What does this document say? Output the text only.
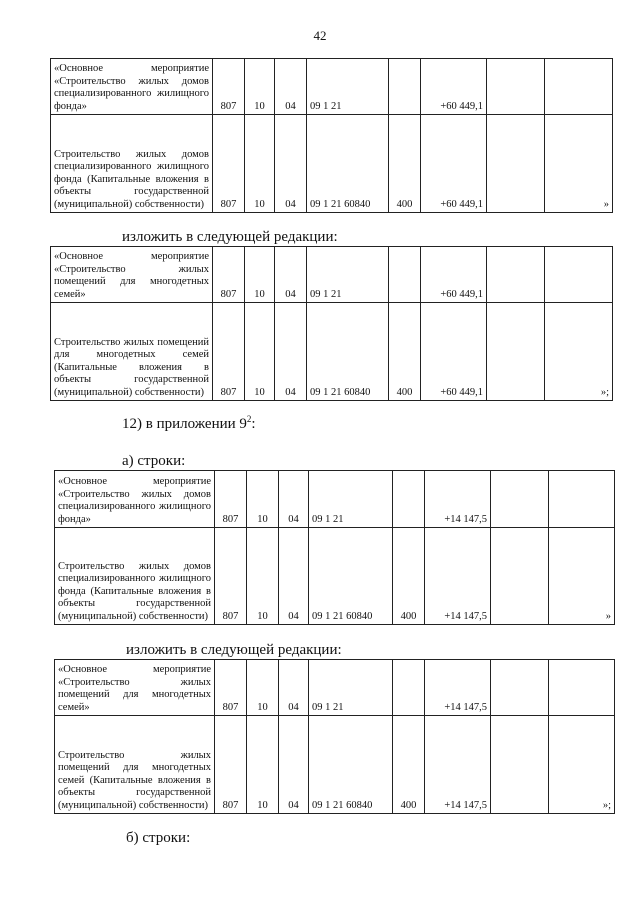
42
«Основное мероприятие «Строительство жилых домов специализированного жилищного фонда»	807	10	04	09 1 21		+60 449,1		
Строительство жилых домов специализированного жилищного фонда (Капитальные вложения в объекты государственной (муниципальной) собственности)	807	10	04	09 1 21 60840	400	+60 449,1		»
изложить в следующей редакции:
«Основное мероприятие «Строительство жилых помещений для многодетных семей»	807	10	04	09 1 21		+60 449,1		
Строительство жилых помещений для многодетных семей (Капитальные вложения в объекты государственной (муниципальной) собственности)	807	10	04	09 1 21 60840	400	+60 449,1		»;
12) в приложении $9^2$:
а) строки:
«Основное мероприятие «Строительство жилых домов специализированного жилищного фонда»	807	10	04	09 1 21		+14 147,5		
Строительство жилых домов специализированного жилищного фонда (Капитальные вложения в объекты государственной (муниципальной) собственности)	807	10	04	09 1 21 60840	400	+14 147,5		»
изложить в следующей редакции:
«Основное мероприятие «Строительство жилых помещений для многодетных семей»	807	10	04	09 1 21		+14 147,5		
Строительство жилых помещений для многодетных семей (Капитальные вложения в объекты государственной (муниципальной) собственности)	807	10	04	09 1 21 60840	400	+14 147,5		»;
б) строки:
